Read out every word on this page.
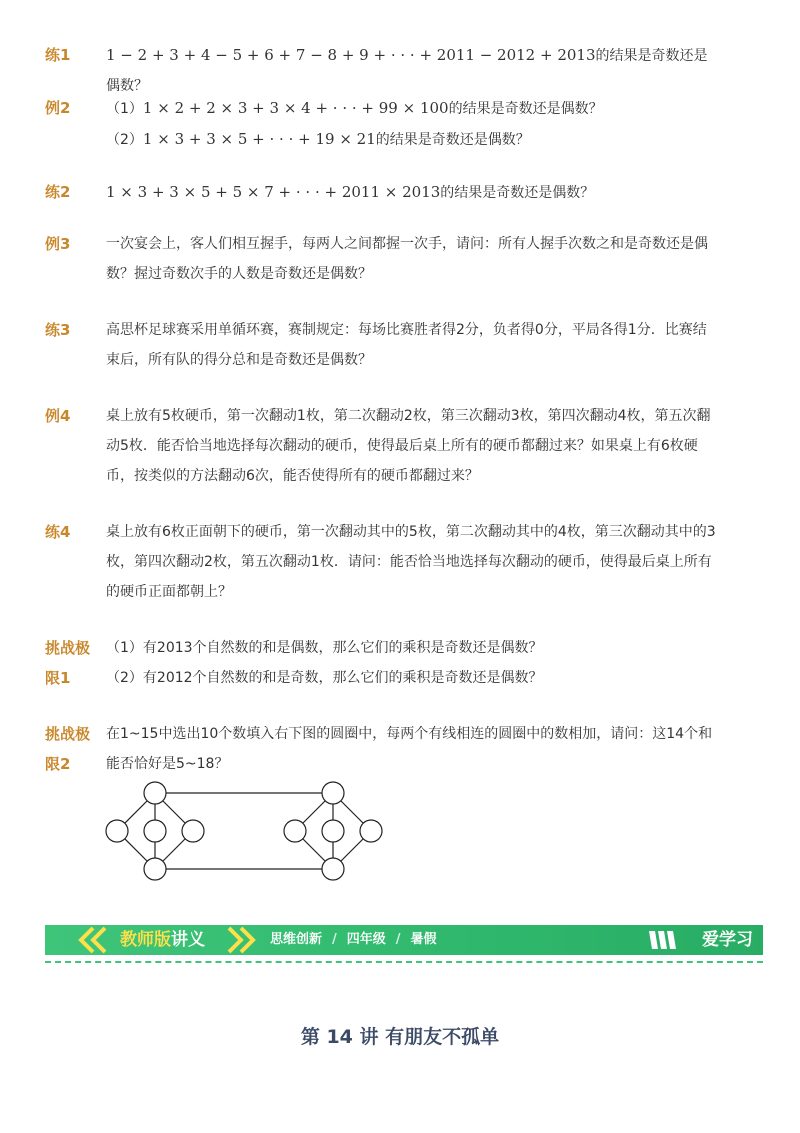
练1	1 − 2 + 3 + 4 − 5 + 6 + 7 − 8 + 9 + · · · + 2011 − 2012 + 2013的结果是奇数还是偶数？
例2	（1）1 × 2 + 2 × 3 + 3 × 4 + · · · + 99 × 100的结果是奇数还是偶数？
（2）1 × 3 + 3 × 5 + · · · + 19 × 21的结果是奇数还是偶数？
练2	1 × 3 + 3 × 5 + 5 × 7 + · · · + 2011 × 2013的结果是奇数还是偶数？
例3	一次宴会上，客人们相互握手，每两人之间都握一次手，请问：所有人握手次数之和是奇数还是偶数？握过奇数次手的人数是奇数还是偶数？
练3	高思杯足球赛采用单循环赛，赛制规定：每场比赛胜者得2分，负者得0分，平局各得1分．比赛结束后，所有队的得分总和是奇数还是偶数？
例4	桌上放有5枚硬币，第一次翻动1枚，第二次翻动2枚，第三次翻动3枚，第四次翻动4枚，第五次翻动5枚．能否恰当地选择每次翻动的硬币，使得最后桌上所有的硬币都翻过来？如果桌上有6枚硬币，按类似的方法翻动6次，能否使得所有的硬币都翻过来？
练4	桌上放有6枚正面朝下的硬币，第一次翻动其中的5枚，第二次翻动其中的4枚，第三次翻动其中的3枚，第四次翻动2枚，第五次翻动1枚．请问：能否恰当地选择每次翻动的硬币，使得最后桌上所有的硬币正面都朝上？
挑战极限1
（1）有2013个自然数的和是偶数，那么它们的乘积是奇数还是偶数？
（2）有2012个自然数的和是奇数，那么它们的乘积是奇数还是偶数？
挑战极限2
在1~15中选出10个数填入右下图的圆圈中，每两个有线相连的圆圈中的数相加，请问：这14个和能否恰好是5~18？
教师版讲义	思维创新 / 四年级 / 暑假	爱学习
第 14 讲 有朋友不孤单
